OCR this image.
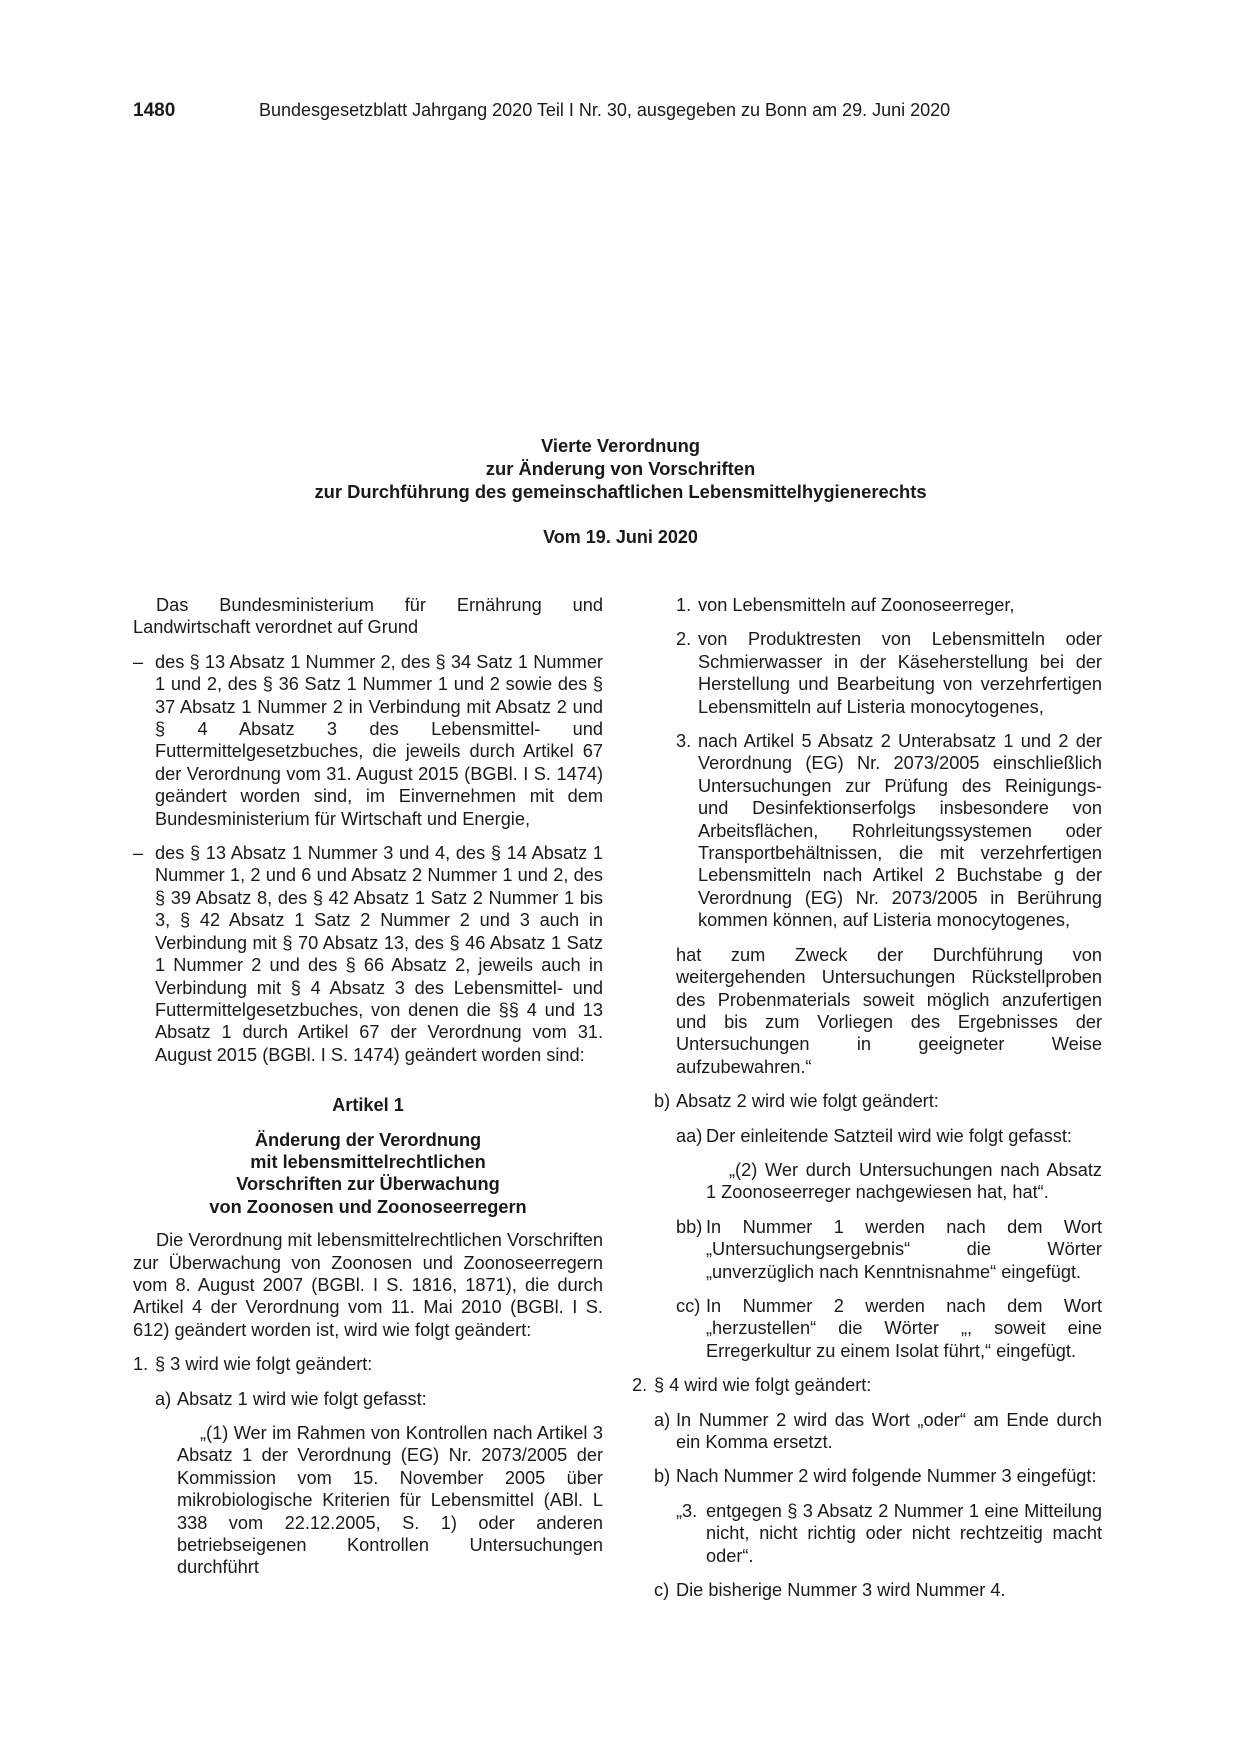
1480	Bundesgesetzblatt Jahrgang 2020 Teil I Nr. 30, ausgegeben zu Bonn am 29. Juni 2020
Vierte Verordnung
zur Änderung von Vorschriften
zur Durchführung des gemeinschaftlichen Lebensmittelhygienerechts
Vom 19. Juni 2020

Das Bundesministerium für Ernährung und Landwirtschaft verordnet auf Grund

– des § 13 Absatz 1 Nummer 2, des § 34 Satz 1 Nummer 1 und 2, des § 36 Satz 1 Nummer 1 und 2 sowie des § 37 Absatz 1 Nummer 2 in Verbindung mit Absatz 2 und § 4 Absatz 3 des Lebensmittel- und Futtermittelgesetzbuches, die jeweils durch Artikel 67 der Verordnung vom 31. August 2015 (BGBl. I S. 1474) geändert worden sind, im Einvernehmen mit dem Bundesministerium für Wirtschaft und Energie,

– des § 13 Absatz 1 Nummer 3 und 4, des § 14 Absatz 1 Nummer 1, 2 und 6 und Absatz 2 Nummer 1 und 2, des § 39 Absatz 8, des § 42 Absatz 1 Satz 2 Nummer 1 bis 3, § 42 Absatz 1 Satz 2 Nummer 2 und 3 auch in Verbindung mit § 70 Absatz 13, des § 46 Absatz 1 Satz 1 Nummer 2 und des § 66 Absatz 2, jeweils auch in Verbindung mit § 4 Absatz 3 des Lebensmittel- und Futtermittelgesetzbuches, von denen die §§ 4 und 13 Absatz 1 durch Artikel 67 der Verordnung vom 31. August 2015 (BGBl. I S. 1474) geändert worden sind:

Artikel 1
Änderung der Verordnung
mit lebensmittelrechtlichen
Vorschriften zur Überwachung
von Zoonosen und Zoonoseerregern

Die Verordnung mit lebensmittelrechtlichen Vorschriften zur Überwachung von Zoonosen und Zoonoseerregern vom 8. August 2007 (BGBl. I S. 1816, 1871), die durch Artikel 4 der Verordnung vom 11. Mai 2010 (BGBl. I S. 612) geändert worden ist, wird wie folgt geändert:

1. § 3 wird wie folgt geändert:

a) Absatz 1 wird wie folgt gefasst:

„(1) Wer im Rahmen von Kontrollen nach Artikel 3 Absatz 1 der Verordnung (EG) Nr. 2073/2005 der Kommission vom 15. November 2005 über mikrobiologische Kriterien für Lebensmittel (ABl. L 338 vom 22.12.2005, S. 1) oder anderen betriebseigenen Kontrollen Untersuchungen durchführt

1. von Lebensmitteln auf Zoonoseerreger,

2. von Produktresten von Lebensmitteln oder Schmierwasser in der Käseherstellung bei der Herstellung und Bearbeitung von verzehrfertigen Lebensmitteln auf Listeria monocytogenes,

3. nach Artikel 5 Absatz 2 Unterabsatz 1 und 2 der Verordnung (EG) Nr. 2073/2005 einschließlich Untersuchungen zur Prüfung des Reinigungs- und Desinfektionserfolgs insbesondere von Arbeitsflächen, Rohrleitungssystemen oder Transportbehältnissen, die mit verzehrfertigen Lebensmitteln nach Artikel 2 Buchstabe g der Verordnung (EG) Nr. 2073/2005 in Berührung kommen können, auf Listeria monocytogenes,

hat zum Zweck der Durchführung von weitergehenden Untersuchungen Rückstellproben des Probenmaterials soweit möglich anzufertigen und bis zum Vorliegen des Ergebnisses der Untersuchungen in geeigneter Weise aufzubewahren.“

b) Absatz 2 wird wie folgt geändert:

aa) Der einleitende Satzteil wird wie folgt gefasst:

„(2) Wer durch Untersuchungen nach Absatz 1 Zoonoseerreger nachgewiesen hat, hat“.

bb) In Nummer 1 werden nach dem Wort „Untersuchungsergebnis“ die Wörter „unverzüglich nach Kenntnisnahme“ eingefügt.

cc) In Nummer 2 werden nach dem Wort „herzustellen“ die Wörter „, soweit eine Erregerkultur zu einem Isolat führt,“ eingefügt.

2. § 4 wird wie folgt geändert:

a) In Nummer 2 wird das Wort „oder“ am Ende durch ein Komma ersetzt.

b) Nach Nummer 2 wird folgende Nummer 3 eingefügt:

„3. entgegen § 3 Absatz 2 Nummer 1 eine Mitteilung nicht, nicht richtig oder nicht rechtzeitig macht oder“.

c) Die bisherige Nummer 3 wird Nummer 4.
